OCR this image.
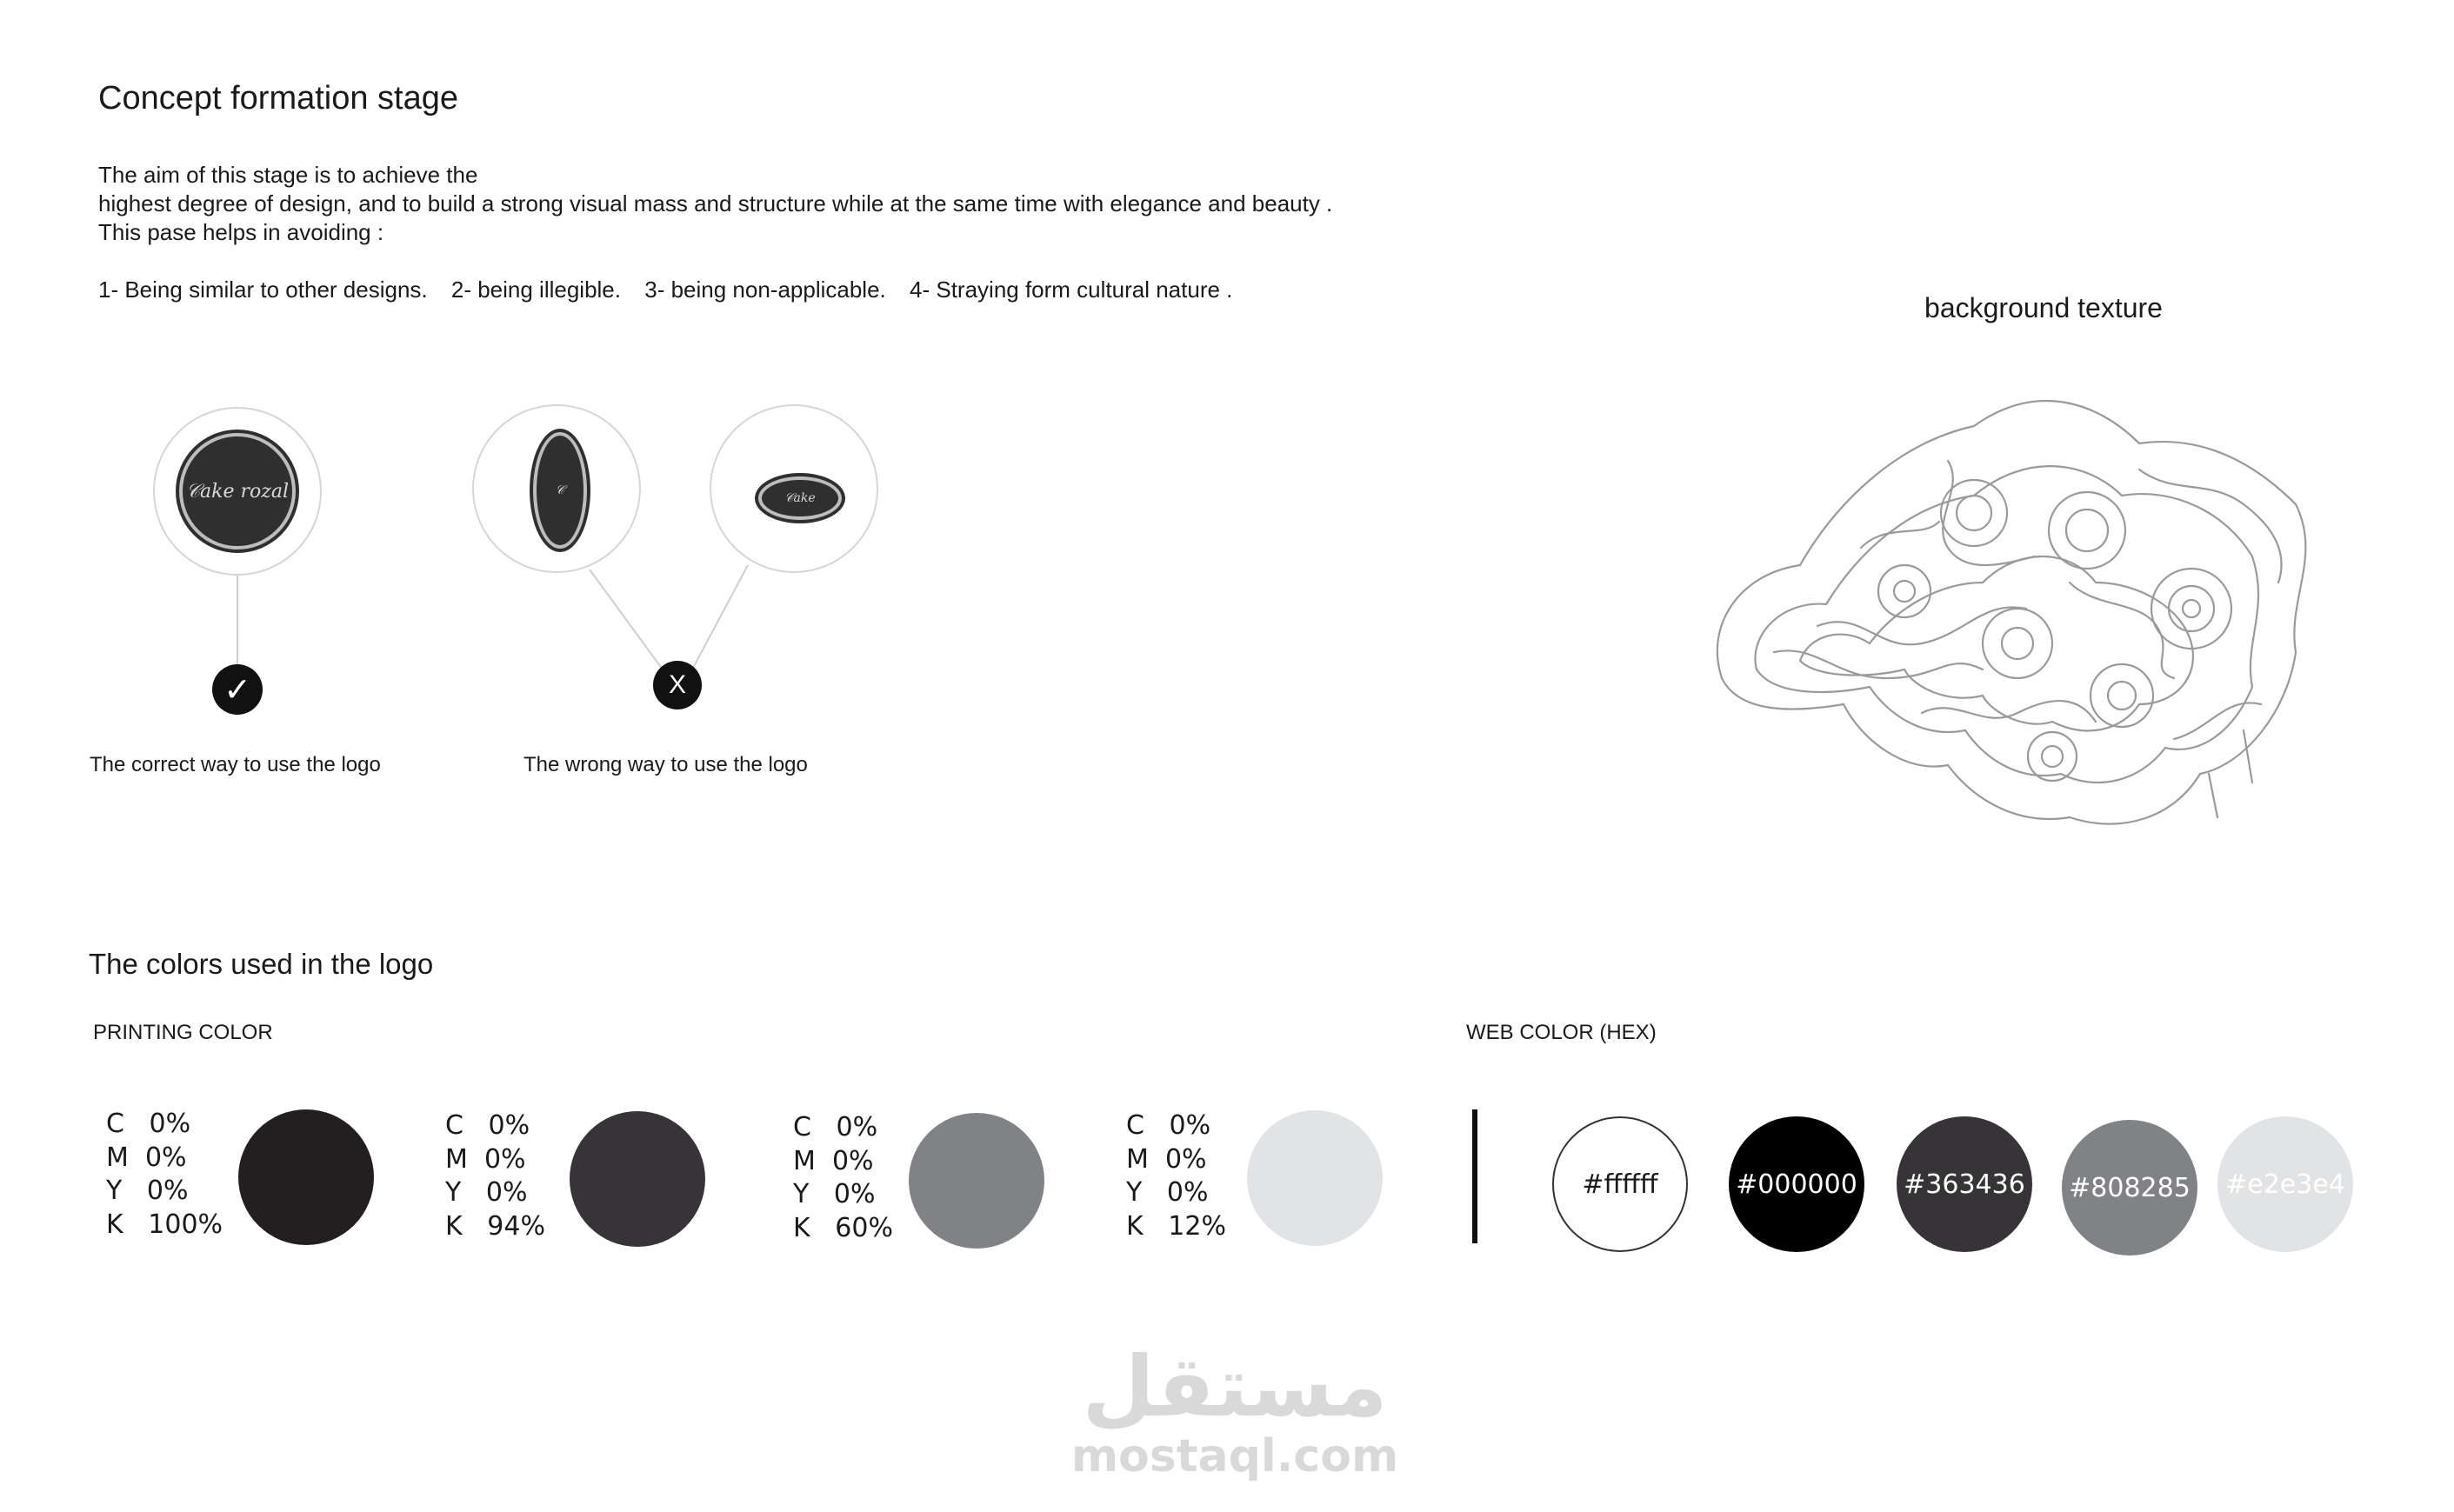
Concept formation stage
The aim of this stage is to achieve the
highest degree of design, and to build a strong visual mass and structure while at the same time with elegance and beauty .
This pase helps in avoiding :
1- Being similar to other designs. 2- being illegible. 3- being non-applicable. 4- Straying form cultural nature .
𝒞ake rozal	𝒞
𝒞ake
✓	X
The correct way to use the logo	The wrong way to use the logo
background texture
The colors used in the logo
PRINTING COLOR	WEB COLOR (HEX)
C   0%
M  0%
Y   0%
K   100%
C   0%
M  0%
Y   0%
K   94%
C   0%
M  0%
Y   0%
K   60%
C   0%
M  0%
Y   0%
K   12%
#ffffff	#000000 #363436 #808285 #e2e3e4
مستقل
mostaql.com
